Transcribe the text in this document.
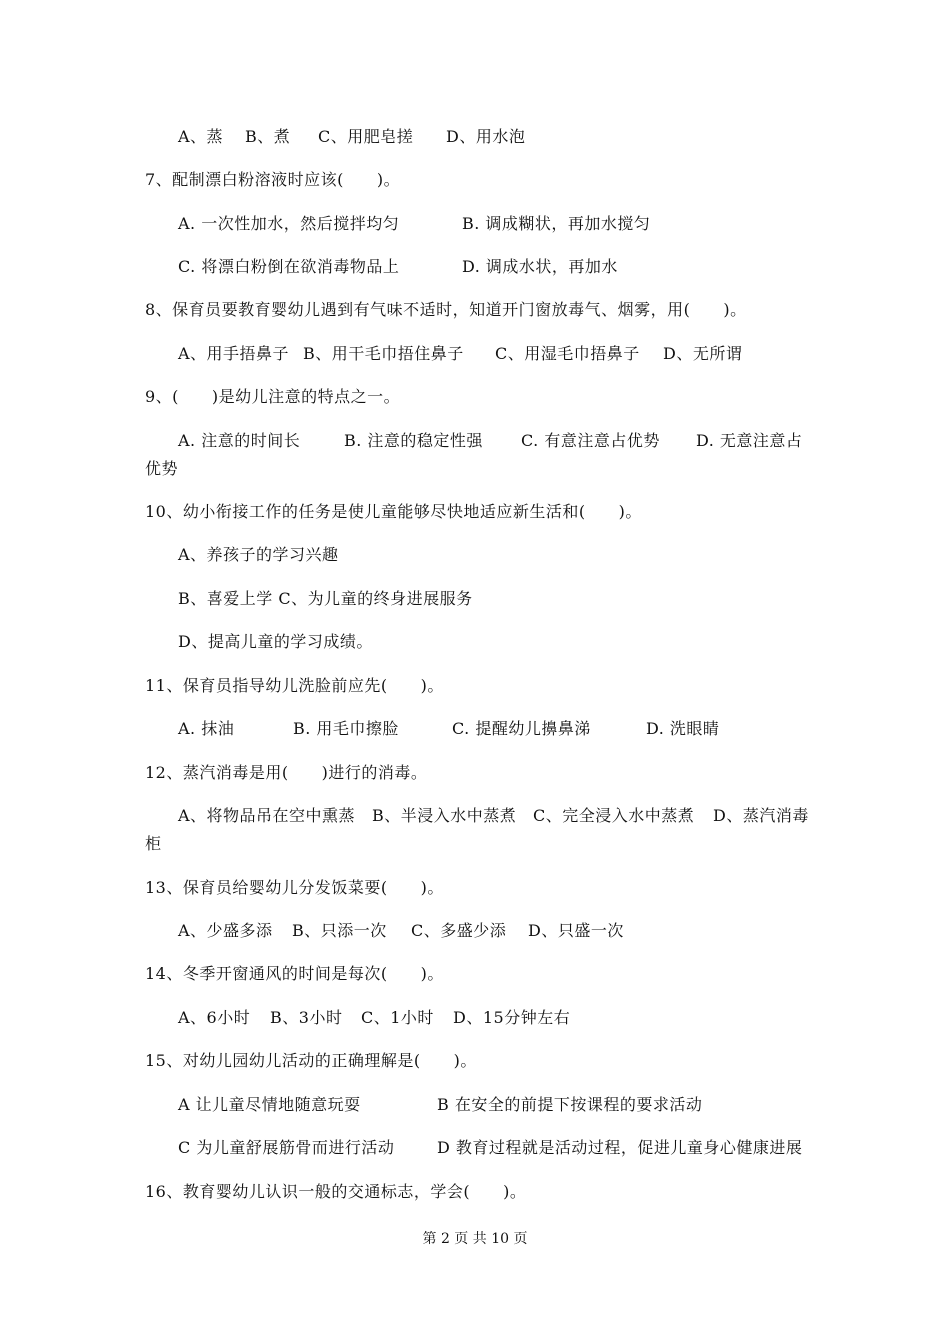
A、蒸 B、煮 C、用肥皂搓 D、用水泡
7、配制漂白粉溶液时应该(　　)。
A. 一次性加水，然后搅拌均匀	B. 调成糊状，再加水搅匀
C. 将漂白粉倒在欲消毒物品上	D. 调成水状，再加水
8、保育员要教育婴幼儿遇到有气味不适时，知道开门窗放毒气、烟雾，用(　　)。
A、用手捂鼻子 B、用干毛巾捂住鼻子 C、用湿毛巾捂鼻子 D、无所谓
9、(　　)是幼儿注意的特点之一。
A. 注意的时间长	B. 注意的稳定性强 C. 有意注意占优势 D. 无意注意占
优势
10、幼小衔接工作的任务是使儿童能够尽快地适应新生活和(　　)。
A、养孩子的学习兴趣
B、喜爱上学 C、为儿童的终身进展服务
D、提高儿童的学习成绩。
11、保育员指导幼儿洗脸前应先(　　)。
A. 抹油	B. 用毛巾擦脸	C. 提醒幼儿擤鼻涕	D. 洗眼睛
12、蒸汽消毒是用(　　)进行的消毒。
A、将物品吊在空中熏蒸 B、半浸入水中蒸煮 C、完全浸入水中蒸煮 D、蒸汽消毒
柜
13、保育员给婴幼儿分发饭菜要(　　)。
A、少盛多添 B、只添一次 C、多盛少添 D、只盛一次
14、冬季开窗通风的时间是每次(　　)。
A、6小时 B、3小时 C、1小时 D、15分钟左右
15、对幼儿园幼儿活动的正确理解是(　　)。
A 让儿童尽情地随意玩耍	B 在安全的前提下按课程的要求活动
C 为儿童舒展筋骨而进行活动	D 教育过程就是活动过程，促进儿童身心健康进展
16、教育婴幼儿认识一般的交通标志，学会(　　)。
第 2 页 共 10 页
